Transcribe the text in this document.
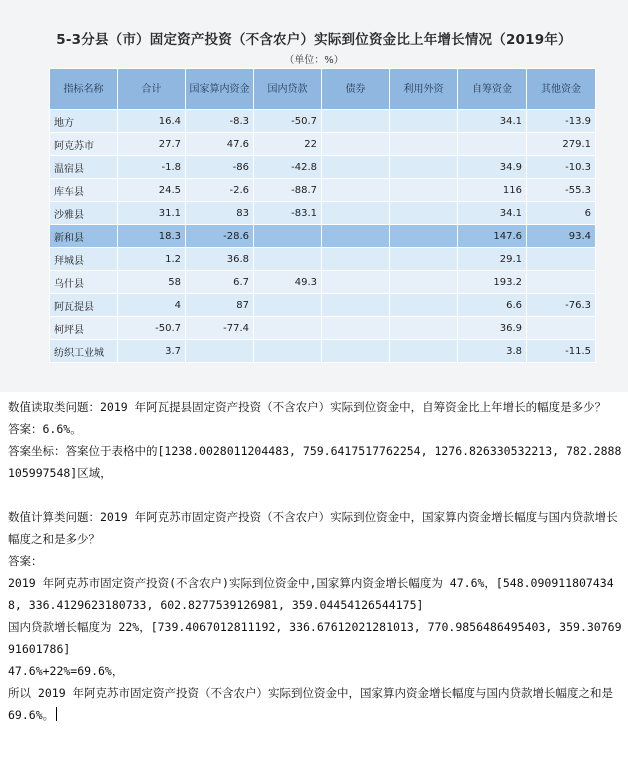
5-3分县（市）固定资产投资（不含农户）实际到位资金比上年增长情况（2019年）
（单位：%）
指标名称	合计	国家算内资金	国内贷款	债券	利用外资	自筹资金	其他资金
地方	16.4	-8.3	-50.7			34.1	-13.9
阿克苏市	27.7	47.6	22				279.1
温宿县	-1.8	-86	-42.8			34.9	-10.3
库车县	24.5	-2.6	-88.7			116	-55.3
沙雅县	31.1	83	-83.1			34.1	6
新和县	18.3	-28.6				147.6	93.4
拜城县	1.2	36.8				29.1	
乌什县	58	6.7	49.3			193.2	
阿瓦提县	4	87				6.6	-76.3
柯坪县	-50.7	-77.4				36.9	
纺织工业城	3.7					3.8	-11.5

数值读取类问题：2019 年阿瓦提县固定资产投资（不含农户）实际到位资金中，自筹资金比上年增长的幅度是多少？

答案：6.6%。

答案坐标：答案位于表格中的[1238.0028011204483, 759.6417517762254, 1276.826330532213, 782.2888105997548]区域，

数值计算类问题：2019 年阿克苏市固定资产投资（不含农户）实际到位资金中，国家算内资金增长幅度与国内贷款增长幅度之和是多少？

答案：

2019 年阿克苏市固定资产投资(不含农户)实际到位资金中,国家算内资金增长幅度为 47.6%，[548.0909118074348, 336.4129623180733, 602.8277539126981, 359.04454126544175]

国内贷款增长幅度为 22%，[739.4067012811192, 336.67612021281013, 770.9856486495403, 359.3076991601786]

47.6%+22%=69.6%，

所以 2019 年阿克苏市固定资产投资（不含农户）实际到位资金中，国家算内资金增长幅度与国内贷款增长幅度之和是 69.6%。
